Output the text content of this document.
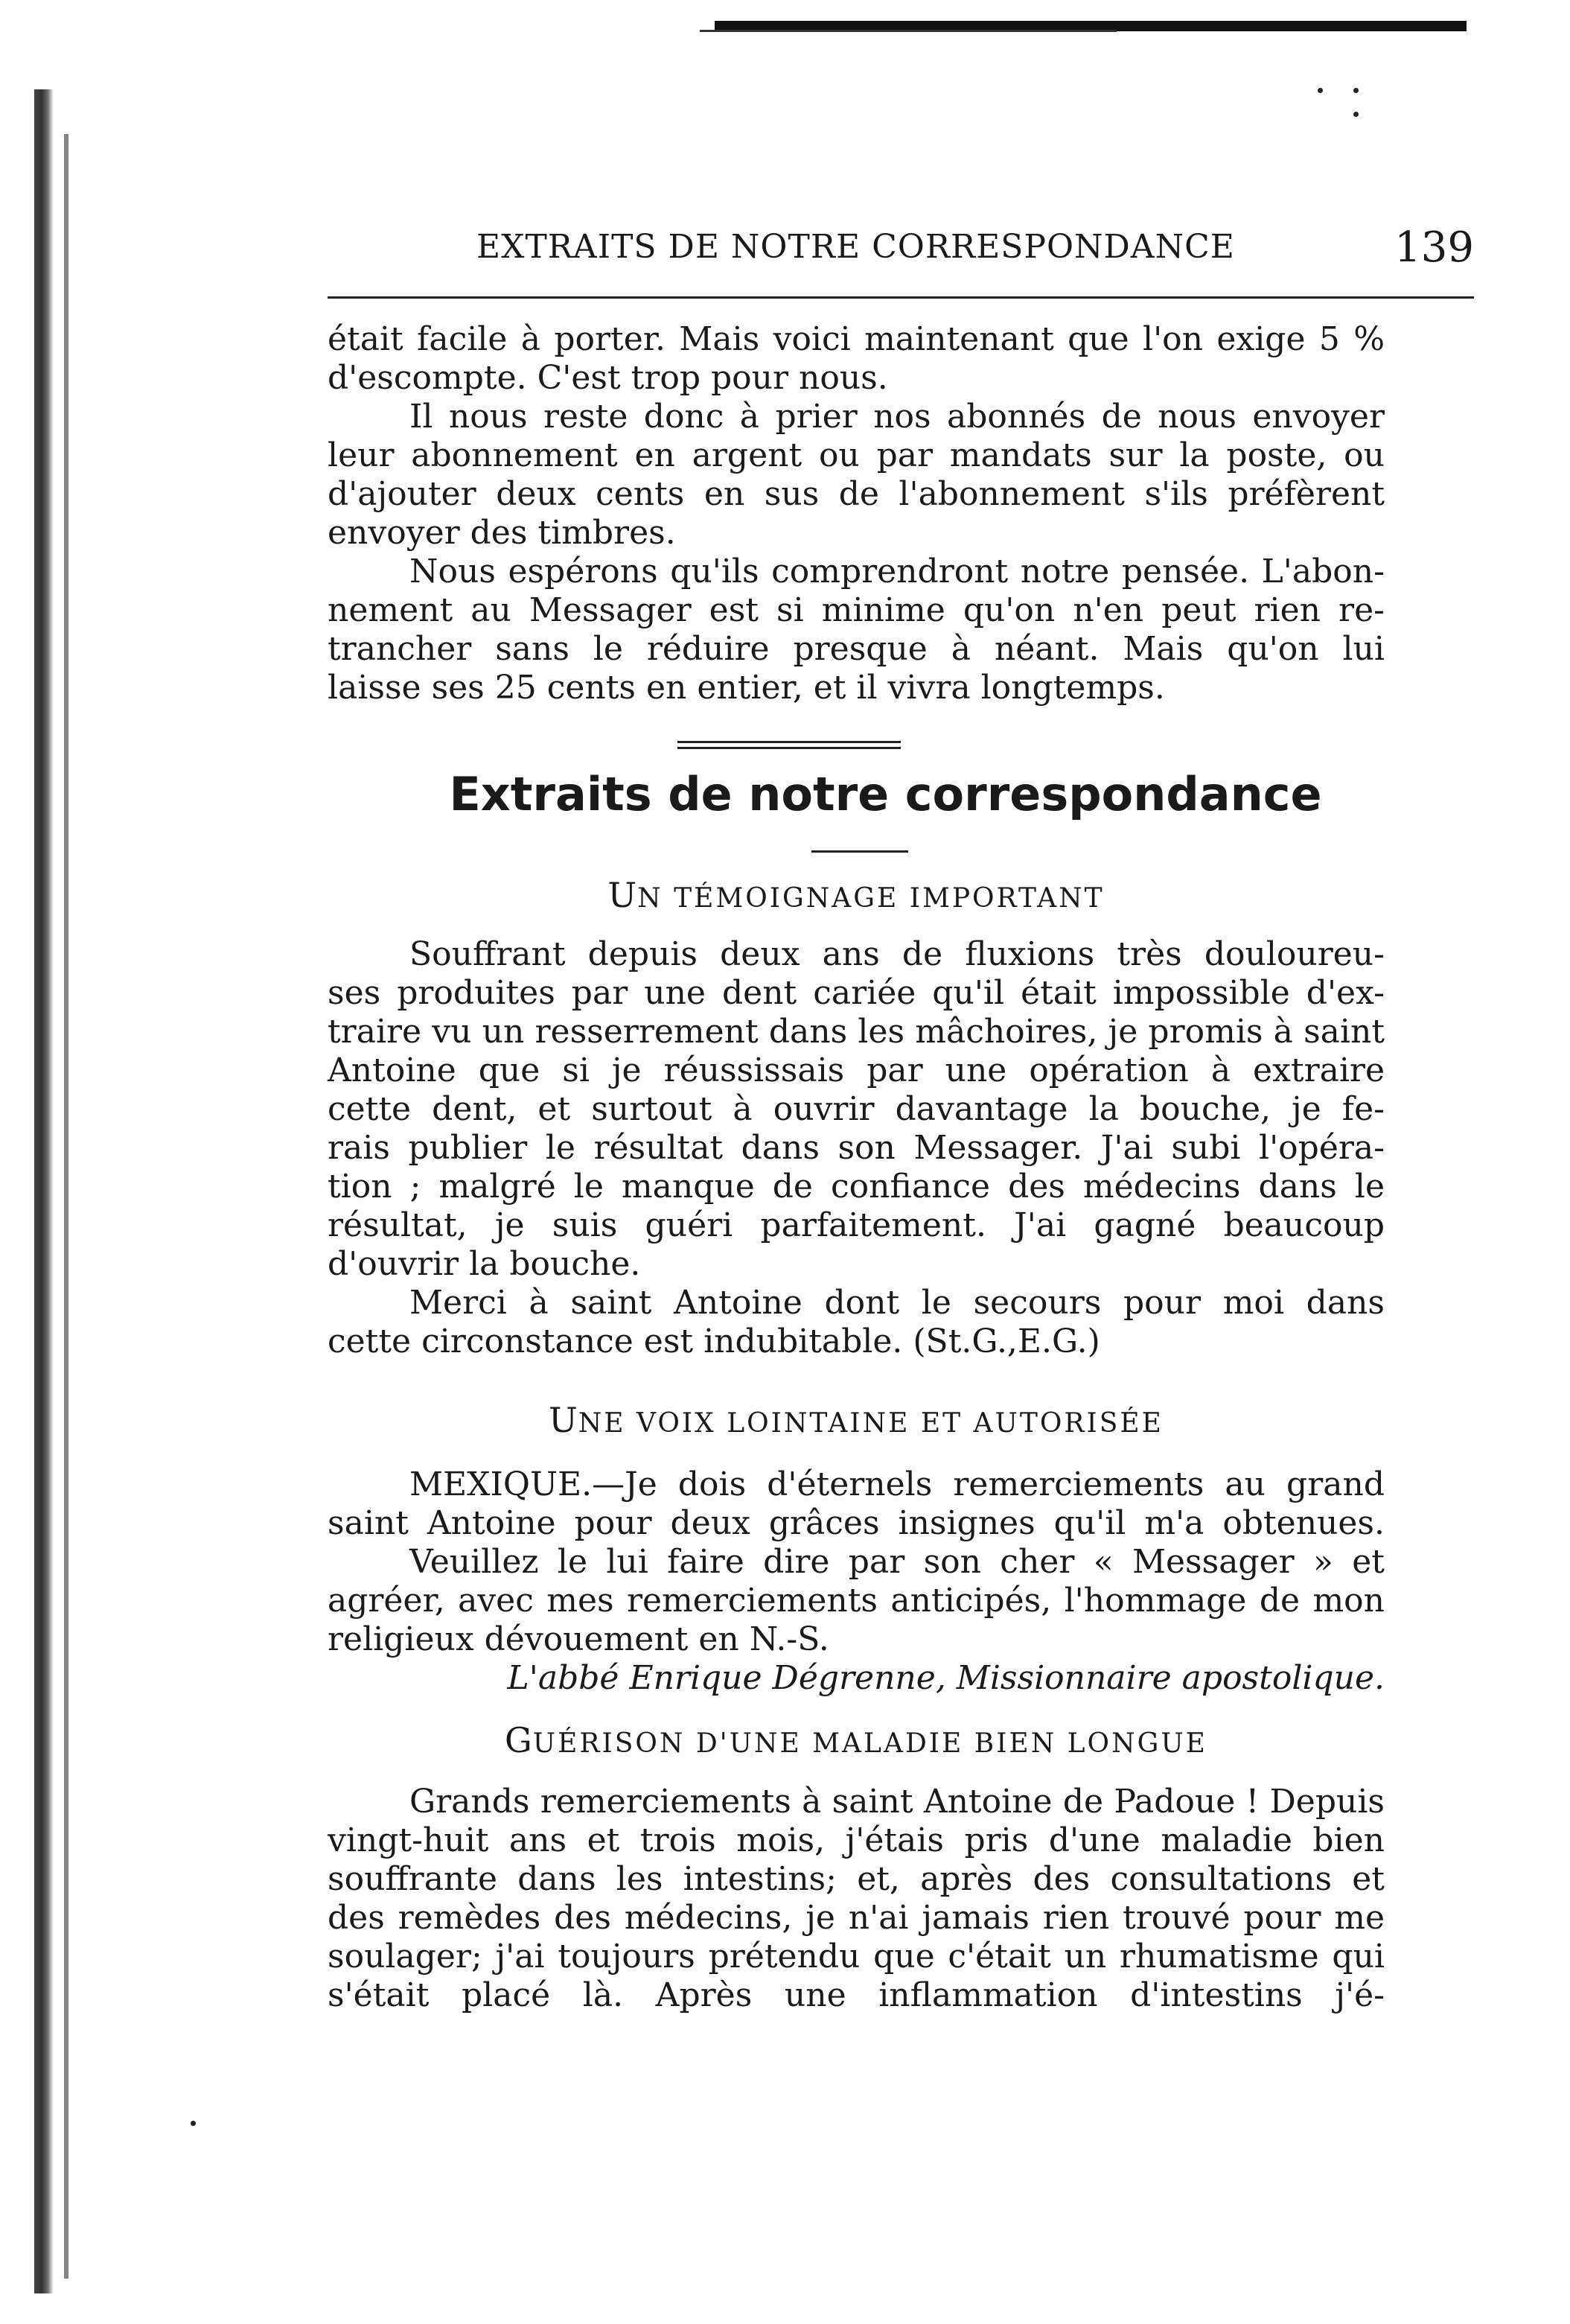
EXTRAITS DE NOTRE CORRESPONDANCE	139
était facile à porter. Mais voici maintenant que l'on exige 5 %
d'escompte. C'est trop pour nous.
Il nous reste donc à prier nos abonnés de nous envoyer
leur abonnement en argent ou par mandats sur la poste, ou
d'ajouter deux cents en sus de l'abonnement s'ils préfèrent
envoyer des timbres.
Nous espérons qu'ils comprendront notre pensée. L'abon-
nement au Messager est si minime qu'on n'en peut rien re-
trancher sans le réduire presque à néant. Mais qu'on lui
laisse ses 25 cents en entier, et il vivra longtemps.
Extraits de notre correspondance
UN TÉMOIGNAGE IMPORTANT
Souffrant depuis deux ans de fluxions très douloureu-
ses produites par une dent cariée qu'il était impossible d'ex-
traire vu un resserrement dans les mâchoires, je promis à saint
Antoine que si je réussissais par une opération à extraire
cette dent, et surtout à ouvrir davantage la bouche, je fe-
rais publier le résultat dans son Messager. J'ai subi l'opéra-
tion ; malgré le manque de confiance des médecins dans le
résultat, je suis guéri parfaitement. J'ai gagné beaucoup
d'ouvrir la bouche.
Merci à saint Antoine dont le secours pour moi dans
cette circonstance est indubitable. (St.G.,E.G.)
UNE VOIX LOINTAINE ET AUTORISÉE
MEXIQUE.—Je dois d'éternels remerciements au grand
saint Antoine pour deux grâces insignes qu'il m'a obtenues.
Veuillez le lui faire dire par son cher « Messager » et
agréer, avec mes remerciements anticipés, l'hommage de mon
religieux dévouement en N.-S.
L'abbé Enrique Dégrenne, Missionnaire apostolique.
GUÉRISON D'UNE MALADIE BIEN LONGUE
Grands remerciements à saint Antoine de Padoue ! Depuis
vingt-huit ans et trois mois, j'étais pris d'une maladie bien
souffrante dans les intestins; et, après des consultations et
des remèdes des médecins, je n'ai jamais rien trouvé pour me
soulager; j'ai toujours prétendu que c'était un rhumatisme qui
s'était placé là. Après une inflammation d'intestins j'é-
